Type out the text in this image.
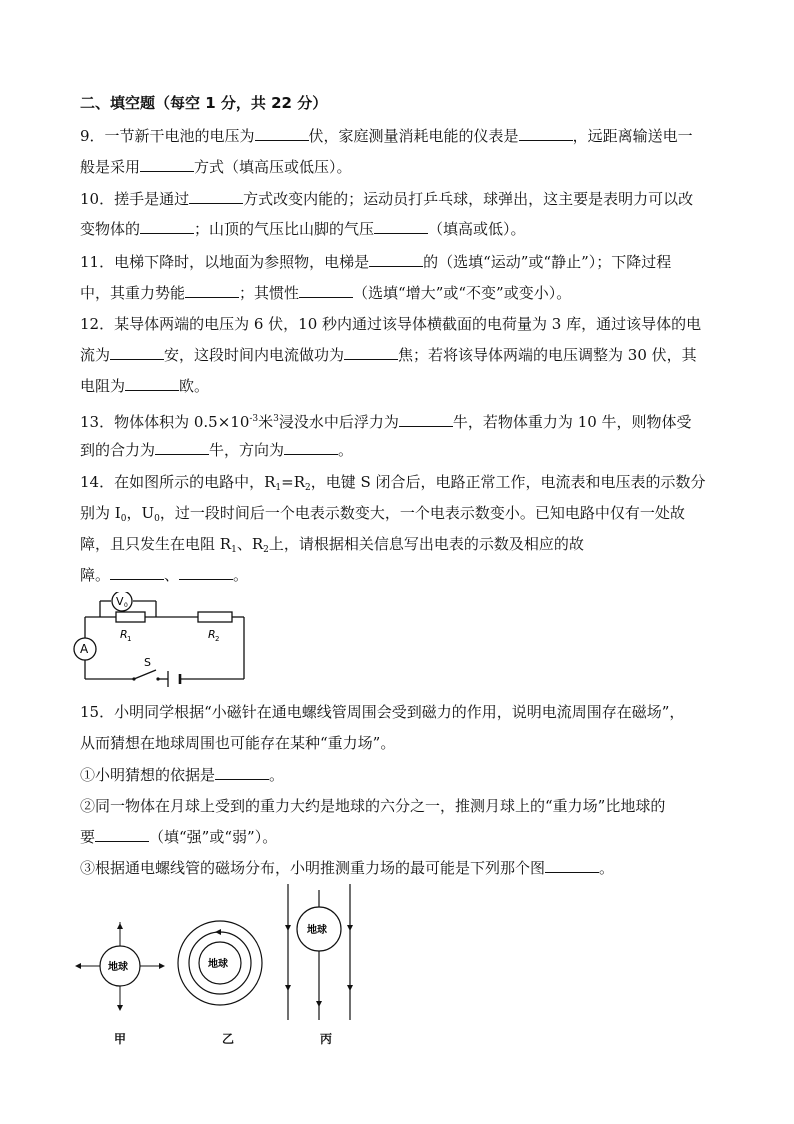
二、填空题（每空 1 分，共 22 分）
9．一节新干电池的电压为	伏，家庭测量消耗电能的仪表是	，远距离输送电一
般是采用	方式（填高压或低压）。
10．搓手是通过	方式改变内能的；运动员打乒乓球，球弹出，这主要是表明力可以改
变物体的	；山顶的气压比山脚的气压	（填高或低）。
11．电梯下降时，以地面为参照物，电梯是	的（选填“运动”或“静止”）；下降过程
中，其重力势能	；其惯性	（选填“增大”或“不变”或变小）。
12．某导体两端的电压为 6 伏，10 秒内通过该导体横截面的电荷量为 3 库，通过该导体的电
流为	安，这段时间内电流做功为	焦；若将该导体两端的电压调整为 30 伏，其
电阻为	欧。
13．物体体积为 $0.5\times 10^{-3}$米$^3$浸没水中后浮力为	牛，若物体重力为 10 牛，则物体受
到的合力为	牛，方向为	。
14．在如图所示的电路中，$R_1=R_2$，电键 S 闭合后，电路正常工作，电流表和电压表的示数分
别为 $I_0$，$U_0$，过一段时间后一个电表示数变大，一个电表示数变小。已知电路中仅有一处故
障，且只发生在电阻 $R_1$、$R_2$上，请根据相关信息写出电表的示数及相应的故
障。	、	。
V 0
A
R 1	R 2
S
15．小明同学根据“小磁针在通电螺线管周围会受到磁力的作用，说明电流周围存在磁场”，
从而猜想在地球周围也可能存在某种“重力场”。
①小明猜想的依据是	。
②同一物体在月球上受到的重力大约是地球的六分之一，推测月球上的“重力场”比地球的
要	（填“强”或“弱”）。
③根据通电螺线管的磁场分布，小明推测重力场的最可能是下列那个图	。
地球	地球
地球
甲	乙	丙
